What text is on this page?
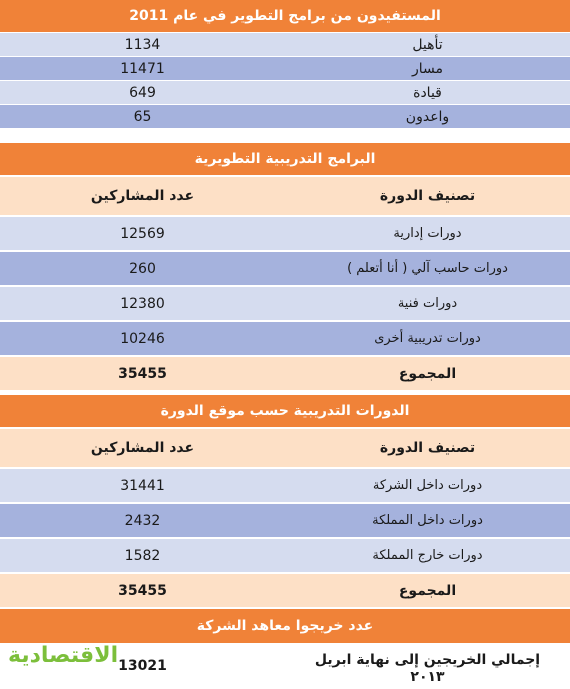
المستفيدون من برامج التطوير في عام 2011
تأهيل
1134
مسار
11471
قيادة
649
واعدون
65
البرامج التدريبية التطويرية
تصنيف الدورة
عدد المشاركين
دورات إدارية
12569
دورات حاسب آلي ( أنا أتعلم )
260
دورات فنية
12380
دورات تدريبية أخرى
10246
المجموع
35455
الدورات التدريبية حسب موقع الدورة
تصنيف الدورة
عدد المشاركين
دورات داخل الشركة
31441
دورات داخل المملكة
2432
دورات خارج المملكة
1582
المجموع
35455
عدد خريجوا معاهد الشركة
إجمالي الخريجين إلى نهاية ابريل
٢٠١٣
13021
الاقتصادية
